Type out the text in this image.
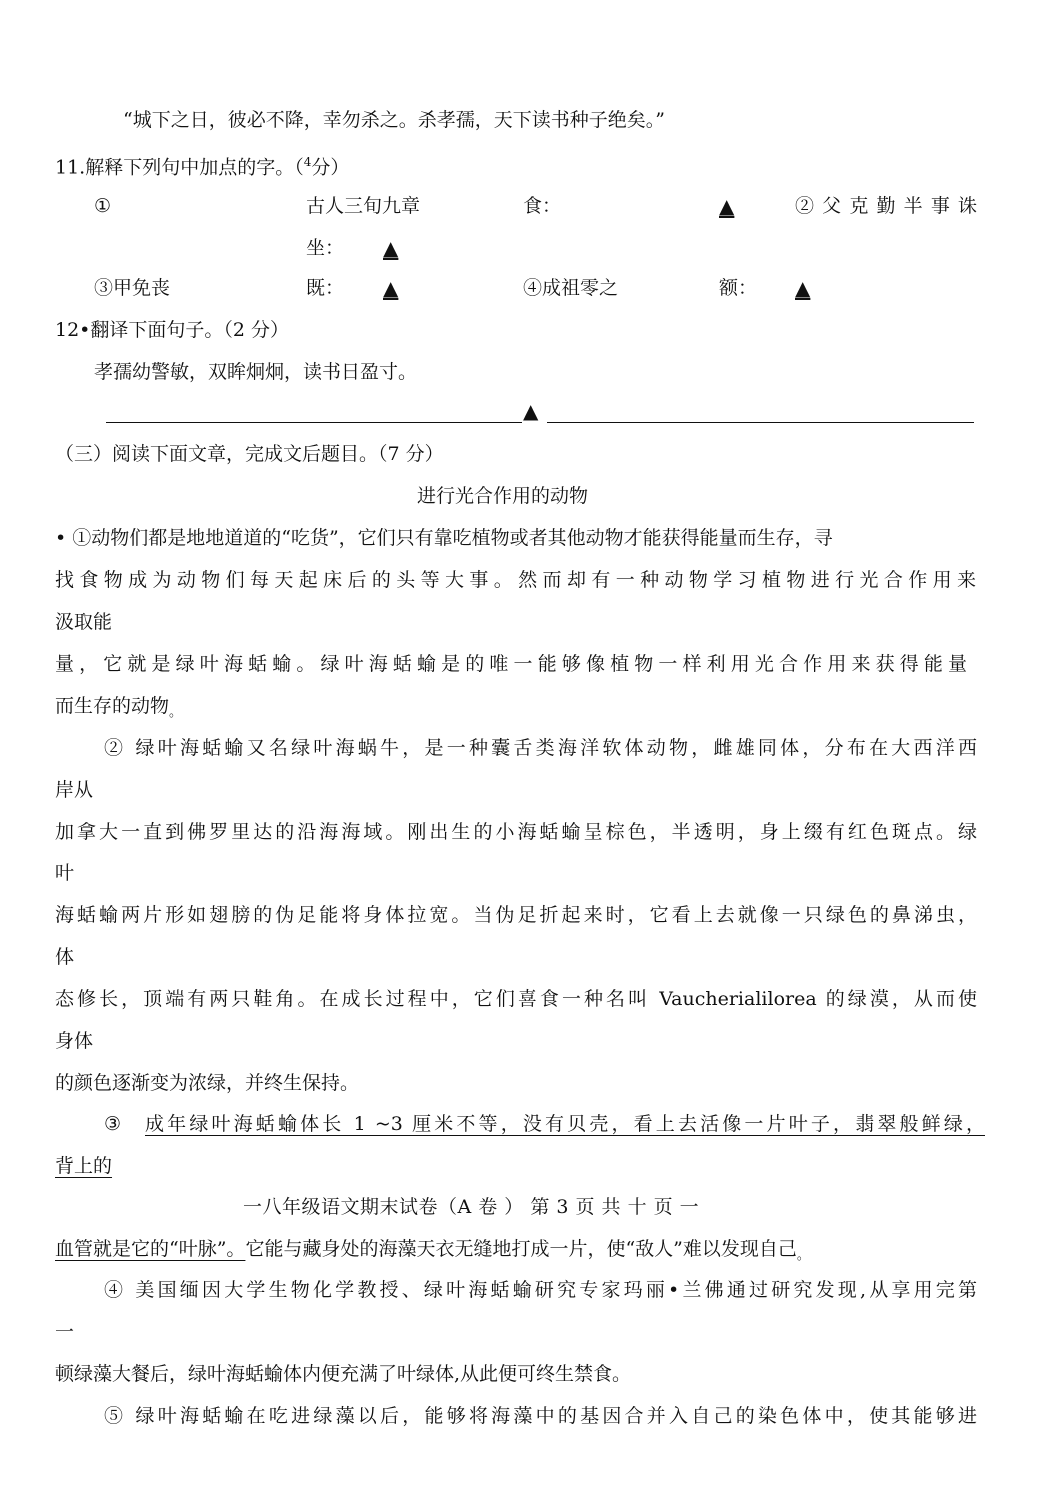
“城下之日，彼必不降，幸勿杀之。杀孝孺，天下读书种子绝矣。”
11.解释下列句中加点的字。（$^4$分）
①	古人三旬九章	食：	▲	②父克勤半事诛
坐： ▲
③甲免丧	既： ▲	④成祖零之	额： ▲
12•翻译下面句子。（2 分）
孝孺幼警敏，双眸炯炯，读书日盈寸。
▲
（三）阅读下面文章，完成文后题目。（7 分）
进行光合作用的动物
• ①动物们都是地地道道的“吃货”，它们只有靠吃植物或者其他动物才能获得能量而生存，寻
找食物成为动物们每天起床后的头等大事。然而却有一种动物学习植物进行光合作用来
汲取能
量，它就是绿叶海蛞蝓。绿叶海蛞蝓是的唯一能够像植物一样利用光合作用来获得能量
而生存的动物$_。$
② 绿叶海蛞蝓又名绿叶海蜗牛，是一种囊舌类海洋软体动物，雌雄同体，分布在大西洋西
岸从
加拿大一直到佛罗里达的沿海海域。刚出生的小海蛞蝓呈棕色，半透明，身上缀有红色斑点。绿
叶
海蛞蝓两片形如翅膀的伪足能将身体拉宽。当伪足折起来时，它看上去就像一只绿色的鼻涕虫，
体
态修长，顶端有两只鞋角。在成长过程中，它们喜食一种名叫 Vaucherialilorea 的绿漠，从而使
身体
的颜色逐渐变为浓绿，并终生保持。
③ 成年绿叶海蛞蝓体长 1 ~3 厘米不等，没有贝壳，看上去活像一片叶子，翡翠般鲜绿，
背上的
一八年级语文期末试卷（A 卷 ） 第 3 页 共 十 页 一
血管就是它的“叶脉”。它能与藏身处的海藻天衣无缝地打成一片，使“敌人”难以发现自己$_。$
④ 美国缅因大学生物化学教授、绿叶海蛞蝓研究专家玛丽•兰佛通过研究发现,从享用完第
一
顿绿藻大餐后，绿叶海蛞蝓体内便充满了叶绿体,从此便可终生禁食。
⑤ 绿叶海蛞蝓在吃进绿藻以后，能够将海藻中的基因合并入自己的染色体中，使其能够进
